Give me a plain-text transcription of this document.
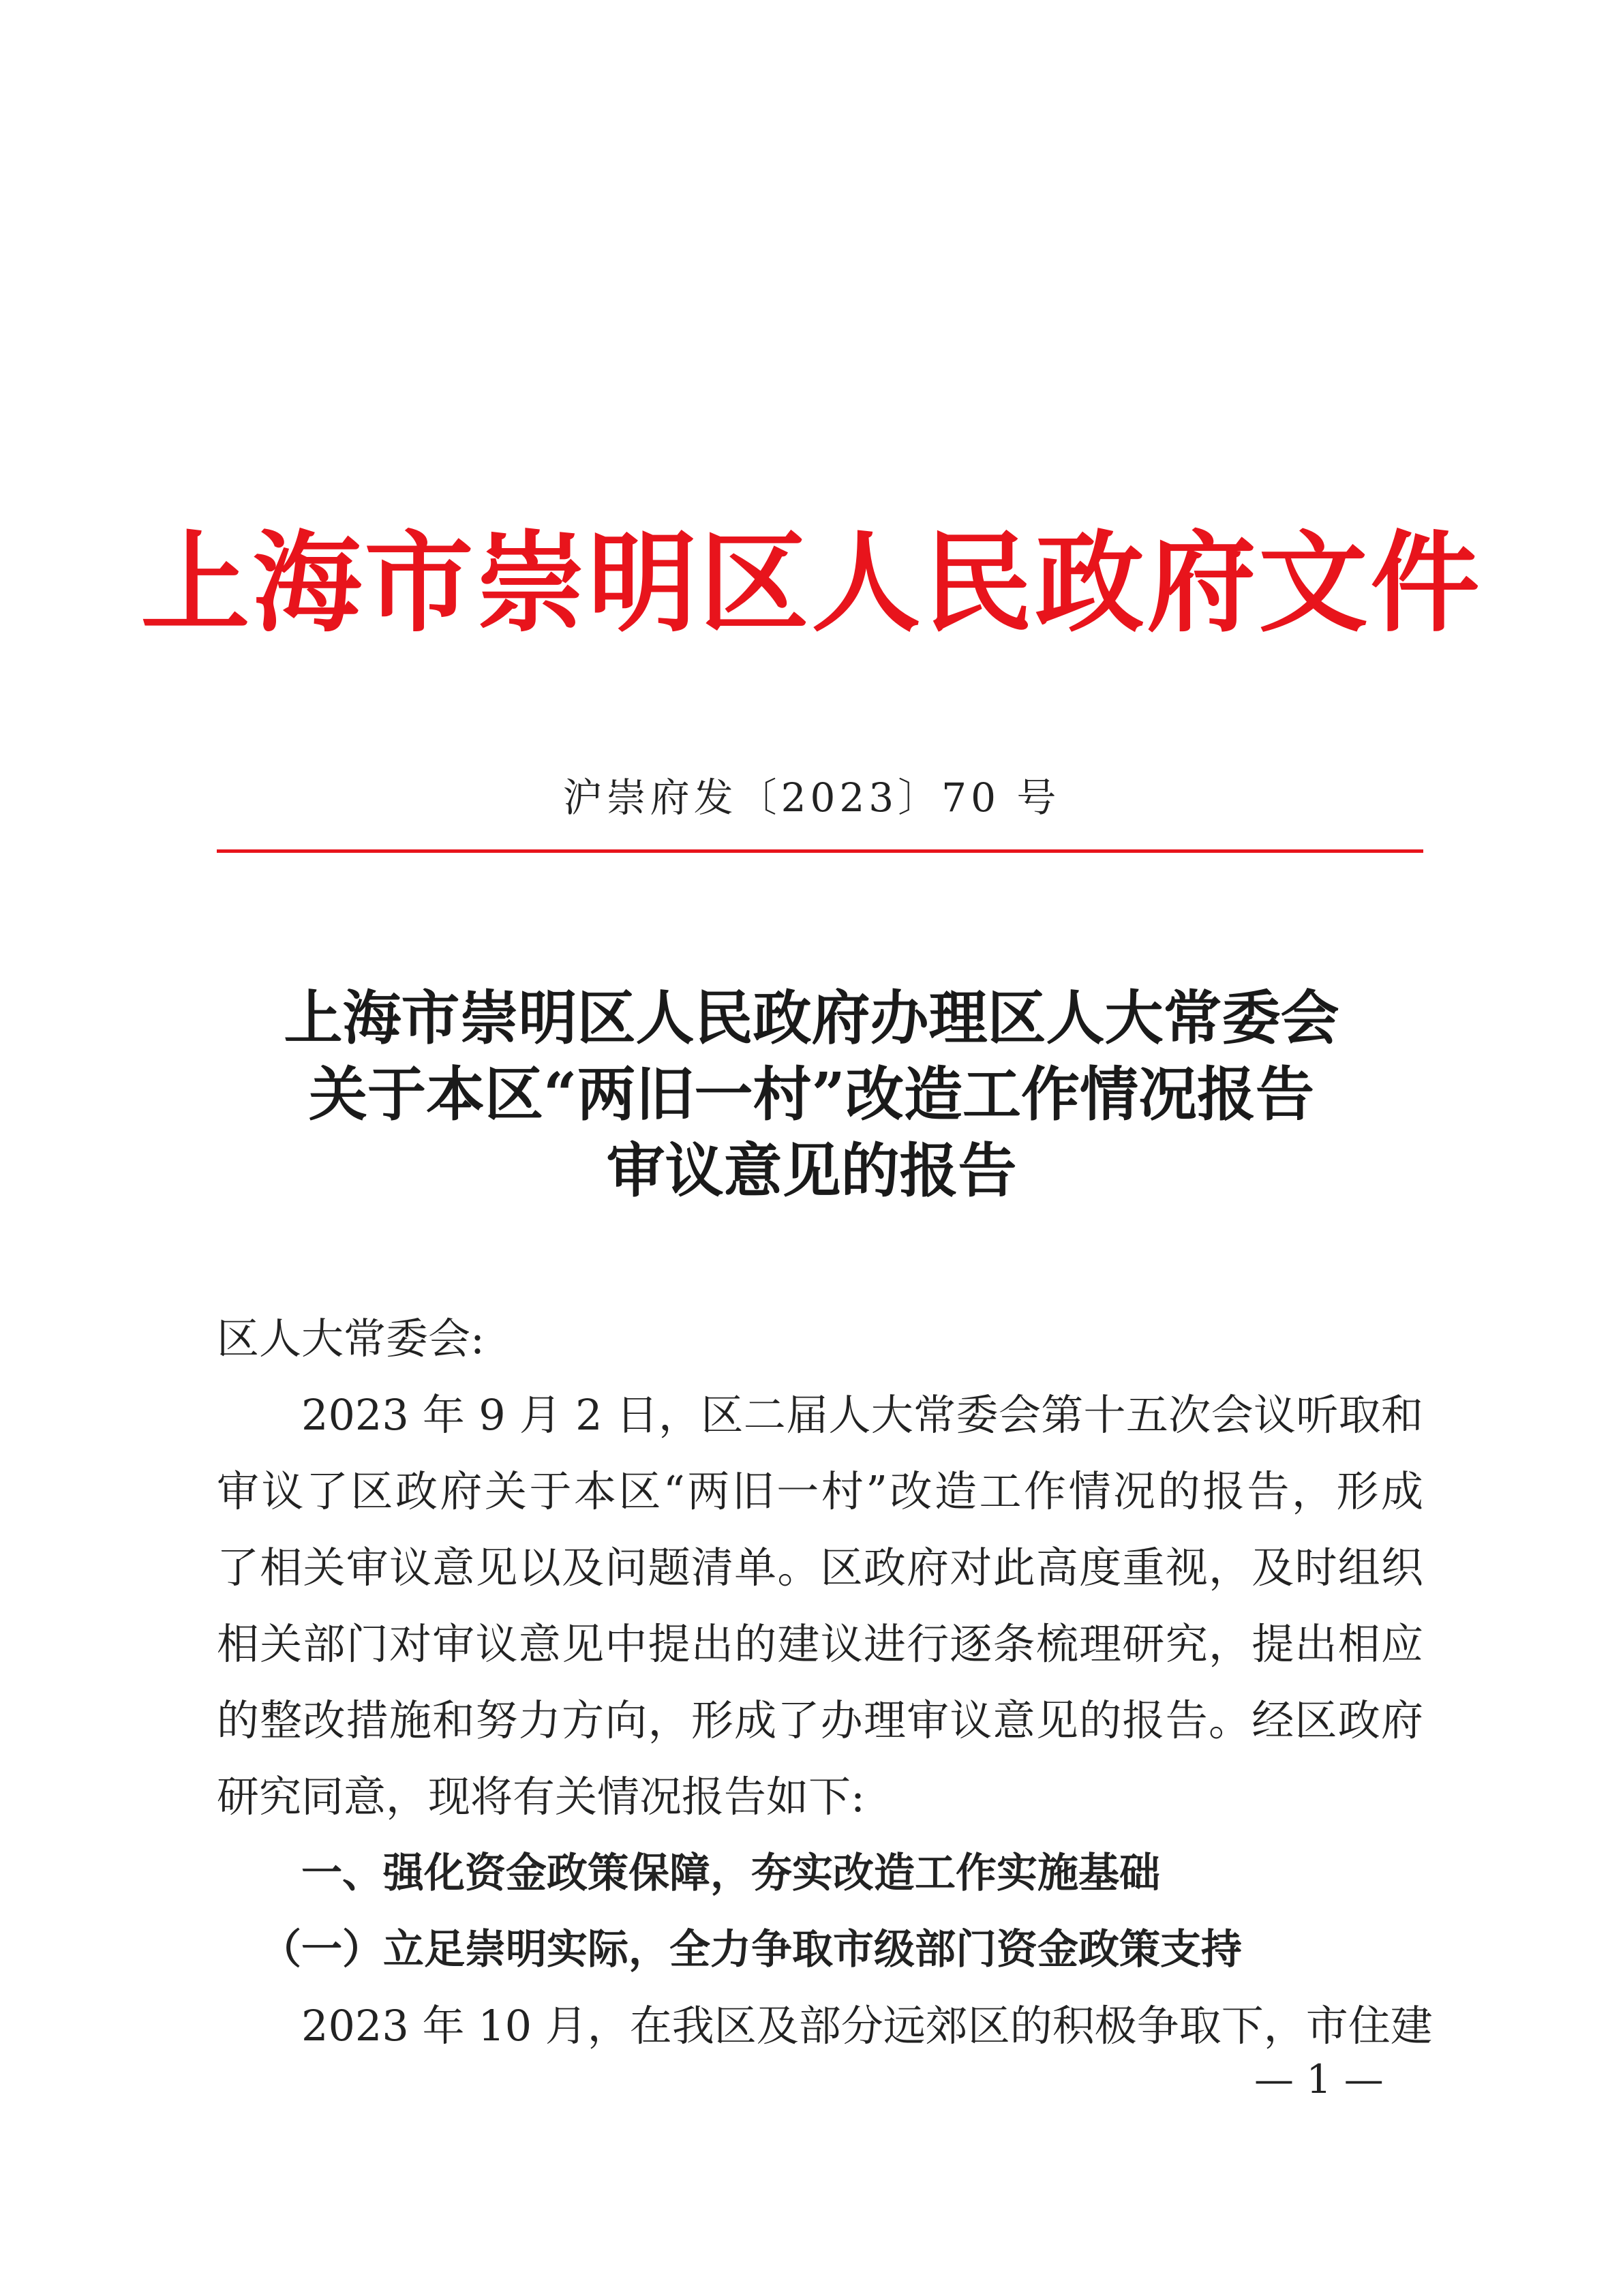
上海市崇明区人民政府文件
沪崇府发〔2023〕70 号
上海市崇明区人民政府办理区人大常委会
关于本区“两旧一村”改造工作情况报告
审议意见的报告
区人大常委会:
2023 年 9 月 2 日，区二届人大常委会第十五次会议听取和
审议了区政府关于本区“两旧一村”改造工作情况的报告，形成
了相关审议意见以及问题清单。区政府对此高度重视，及时组织
相关部门对审议意见中提出的建议进行逐条梳理研究，提出相应
的整改措施和努力方向，形成了办理审议意见的报告。经区政府
研究同意，现将有关情况报告如下:
一、强化资金政策保障，夯实改造工作实施基础
（一）立足崇明实际，全力争取市级部门资金政策支持
2023 年 10 月，在我区及部分远郊区的积极争取下，市住建
— 1 —
